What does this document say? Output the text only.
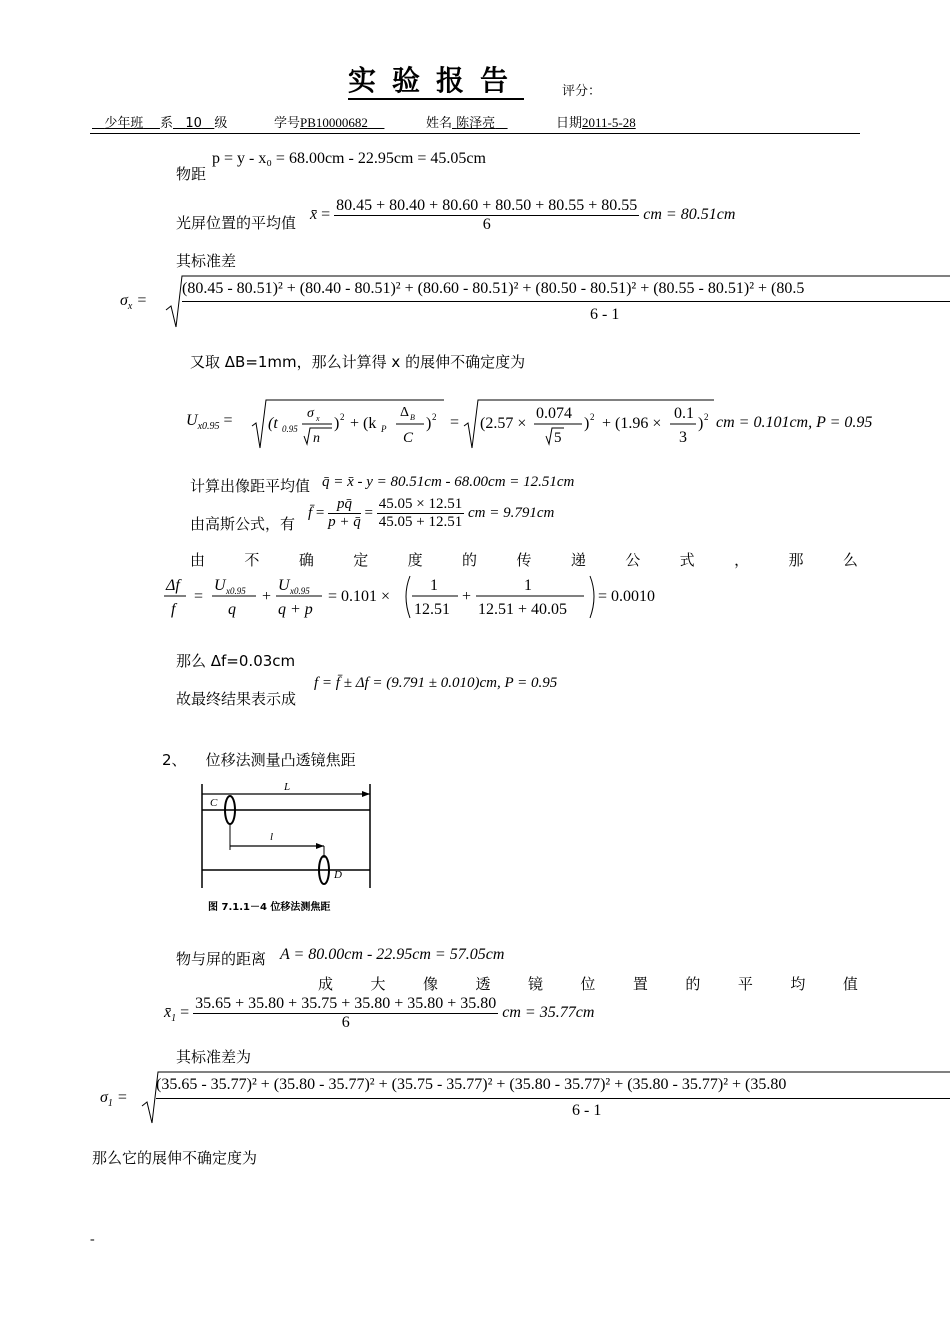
实验报告	评分：
少年班 系 10 级	学号PB10000682	姓名 陈泽亮	日期2011-5-28
物距
p = y - x₀ = 68.00cm - 22.95cm = 45.05cm
光屏位置的平均值 x̄ = $\frac{80.45 + 80.40 + 80.60 + 80.50 + 80.55 + 80.55}{6}$ cm = 80.51cm
其标准差
$\sigma_x$ =
(80.45 - 80.51)² + (80.40 - 80.51)² + (80.60 - 80.51)² + (80.50 - 80.51)² + (80.55 - 80.51)² + (80.5
6 - 1
又取 ΔB=1mm，那么计算得 x 的展伸不确定度为
$U_{x0.95} = (t$ 0.95
σ x
n
) 2 + (k P
Δ B
C
) 2 = (2.57 ×
0.074
5
) 2 + (1.96 ×
0.1
3
) 2 cm = 0.101cm, P = 0.95
计算出像距平均值 q̄ = x̄ - y = 80.51cm - 68.00cm = 12.51cm
由高斯公式，有
f̄ = $\frac{pq̄}{p + q̄} = \frac{45.05 \times 12.51}{45.05 + 12.51}$ cm = 9.791cm
由	不	确	定	度	的	传	递	公	式	，	那	么
Δf
f
=
U x0.95
q
+
U x0.95
q + p
= 0.101 ×
1
12.51
+
1
12.51 + 40.05
= 0.0010
那么 Δf=0.03cm
故最终结果表示成
f = f̄ ± Δf = (9.791 ± 0.010)cm, P = 0.95
2、 位移法测量凸透镜焦距
L
C
l
D
图 7.1.1－4 位移法测焦距
物与屏的距离 A = 80.00cm - 22.95cm = 57.05cm
成 大 像 透 镜 位 置 的 平 均 值
$x̄_1 = \frac{35.65 + 35.80 + 35.75 + 35.80 + 35.80 + 35.80}{6}$ cm = 35.77cm
其标准差为
$\sigma_1$ =
(35.65 - 35.77)² + (35.80 - 35.77)² + (35.75 - 35.77)² + (35.80 - 35.77)² + (35.80 - 35.77)² + (35.80
6 - 1
那么它的展伸不确定度为
-
